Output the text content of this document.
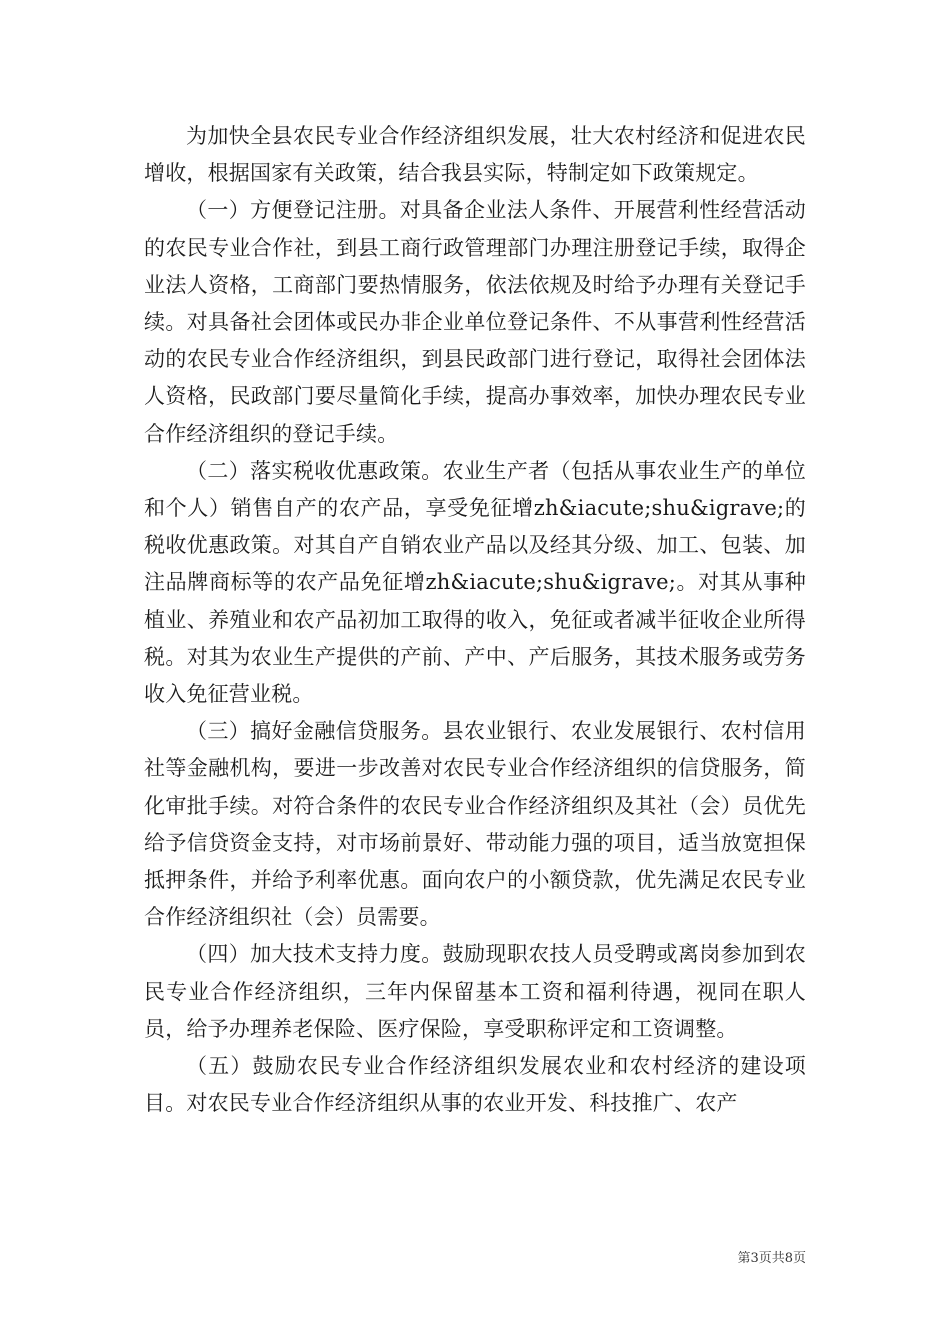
为加快全县农民专业合作经济组织发展，壮大农村经济和促进农民增收，根据国家有关政策，结合我县实际，特制定如下政策规定。

（一）方便登记注册。对具备企业法人条件、开展营利性经营活动的农民专业合作社，到县工商行政管理部门办理注册登记手续，取得企业法人资格，工商部门要热情服务，依法依规及时给予办理有关登记手续。对具备社会团体或民办非企业单位登记条件、不从事营利性经营活动的农民专业合作经济组织，到县民政部门进行登记，取得社会团体法人资格，民政部门要尽量简化手续，提高办事效率，加快办理农民专业合作经济组织的登记手续。

（二）落实税收优惠政策。农业生产者（包括从事农业生产的单位和个人）销售自产的农产品，享受免征增zh&iacute;shu&igrave;的税收优惠政策。对其自产自销农业产品以及经其分级、加工、包装、加注品牌商标等的农产品免征增zh&iacute;shu&igrave;。对其从事种植业、养殖业和农产品初加工取得的收入，免征或者减半征收企业所得税。对其为农业生产提供的产前、产中、产后服务，其技术服务或劳务收入免征营业税。

（三）搞好金融信贷服务。县农业银行、农业发展银行、农村信用社等金融机构，要进一步改善对农民专业合作经济组织的信贷服务，简化审批手续。对符合条件的农民专业合作经济组织及其社（会）员优先给予信贷资金支持，对市场前景好、带动能力强的项目，适当放宽担保抵押条件，并给予利率优惠。面向农户的小额贷款，优先满足农民专业合作经济组织社（会）员需要。

（四）加大技术支持力度。鼓励现职农技人员受聘或离岗参加到农民专业合作经济组织，三年内保留基本工资和福利待遇，视同在职人员，给予办理养老保险、医疗保险，享受职称评定和工资调整。

（五）鼓励农民专业合作经济组织发展农业和农村经济的建设项目。对农民专业合作经济组织从事的农业开发、科技推广、农产

第3页共8页
